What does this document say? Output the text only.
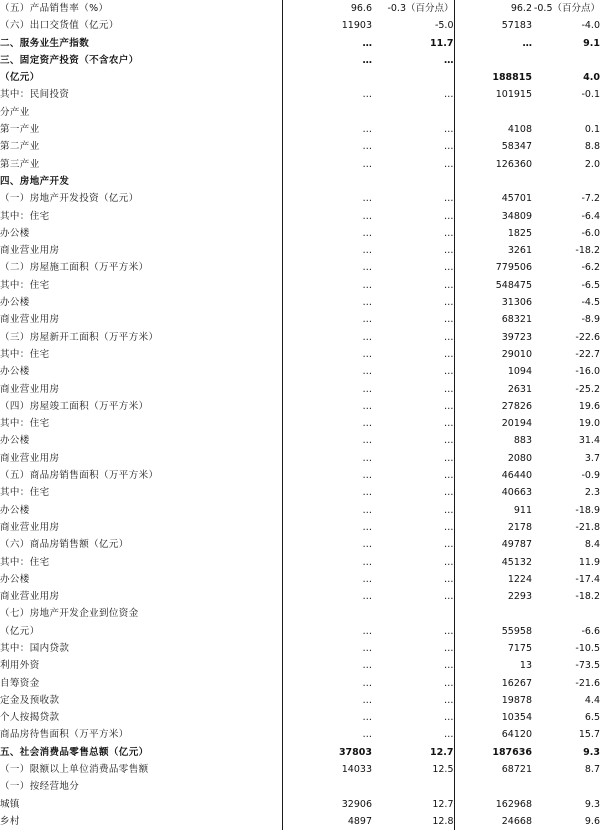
（五）产品销售率（%）	96.6	-0.3（百分点）	96.2	-0.5（百分点）
（六）出口交货值（亿元）	11903	-5.0	57183	-4.0
二、服务业生产指数	…	11.7	…	9.1
三、固定资产投资（不含农户）	…	…		
（亿元）			188815	4.0
其中：民间投资	…	…	101915	-0.1
分产业				
第一产业	…	…	4108	0.1
第二产业	…	…	58347	8.8
第三产业	…	…	126360	2.0
四、房地产开发				
（一）房地产开发投资（亿元）	…	…	45701	-7.2
其中：住宅	…	…	34809	-6.4
办公楼	…	…	1825	-6.0
商业营业用房	…	…	3261	-18.2
（二）房屋施工面积（万平方米）	…	…	779506	-6.2
其中：住宅	…	…	548475	-6.5
办公楼	…	…	31306	-4.5
商业营业用房	…	…	68321	-8.9
（三）房屋新开工面积（万平方米）	…	…	39723	-22.6
其中：住宅	…	…	29010	-22.7
办公楼	…	…	1094	-16.0
商业营业用房	…	…	2631	-25.2
（四）房屋竣工面积（万平方米）	…	…	27826	19.6
其中：住宅	…	…	20194	19.0
办公楼	…	…	883	31.4
商业营业用房	…	…	2080	3.7
（五）商品房销售面积（万平方米）	…	…	46440	-0.9
其中：住宅	…	…	40663	2.3
办公楼	…	…	911	-18.9
商业营业用房	…	…	2178	-21.8
（六）商品房销售额（亿元）	…	…	49787	8.4
其中：住宅	…	…	45132	11.9
办公楼	…	…	1224	-17.4
商业营业用房	…	…	2293	-18.2
（七）房地产开发企业到位资金				
（亿元）	…	…	55958	-6.6
其中：国内贷款	…	…	7175	-10.5
利用外资	…	…	13	-73.5
自筹资金	…	…	16267	-21.6
定金及预收款	…	…	19878	4.4
个人按揭贷款	…	…	10354	6.5
商品房待售面积（万平方米）	…	…	64120	15.7
五、社会消费品零售总额（亿元）	37803	12.7	187636	9.3
（一）限额以上单位消费品零售额	14033	12.5	68721	8.7
（一）按经营地分				
城镇	32906	12.7	162968	9.3
乡村	4897	12.8	24668	9.6
